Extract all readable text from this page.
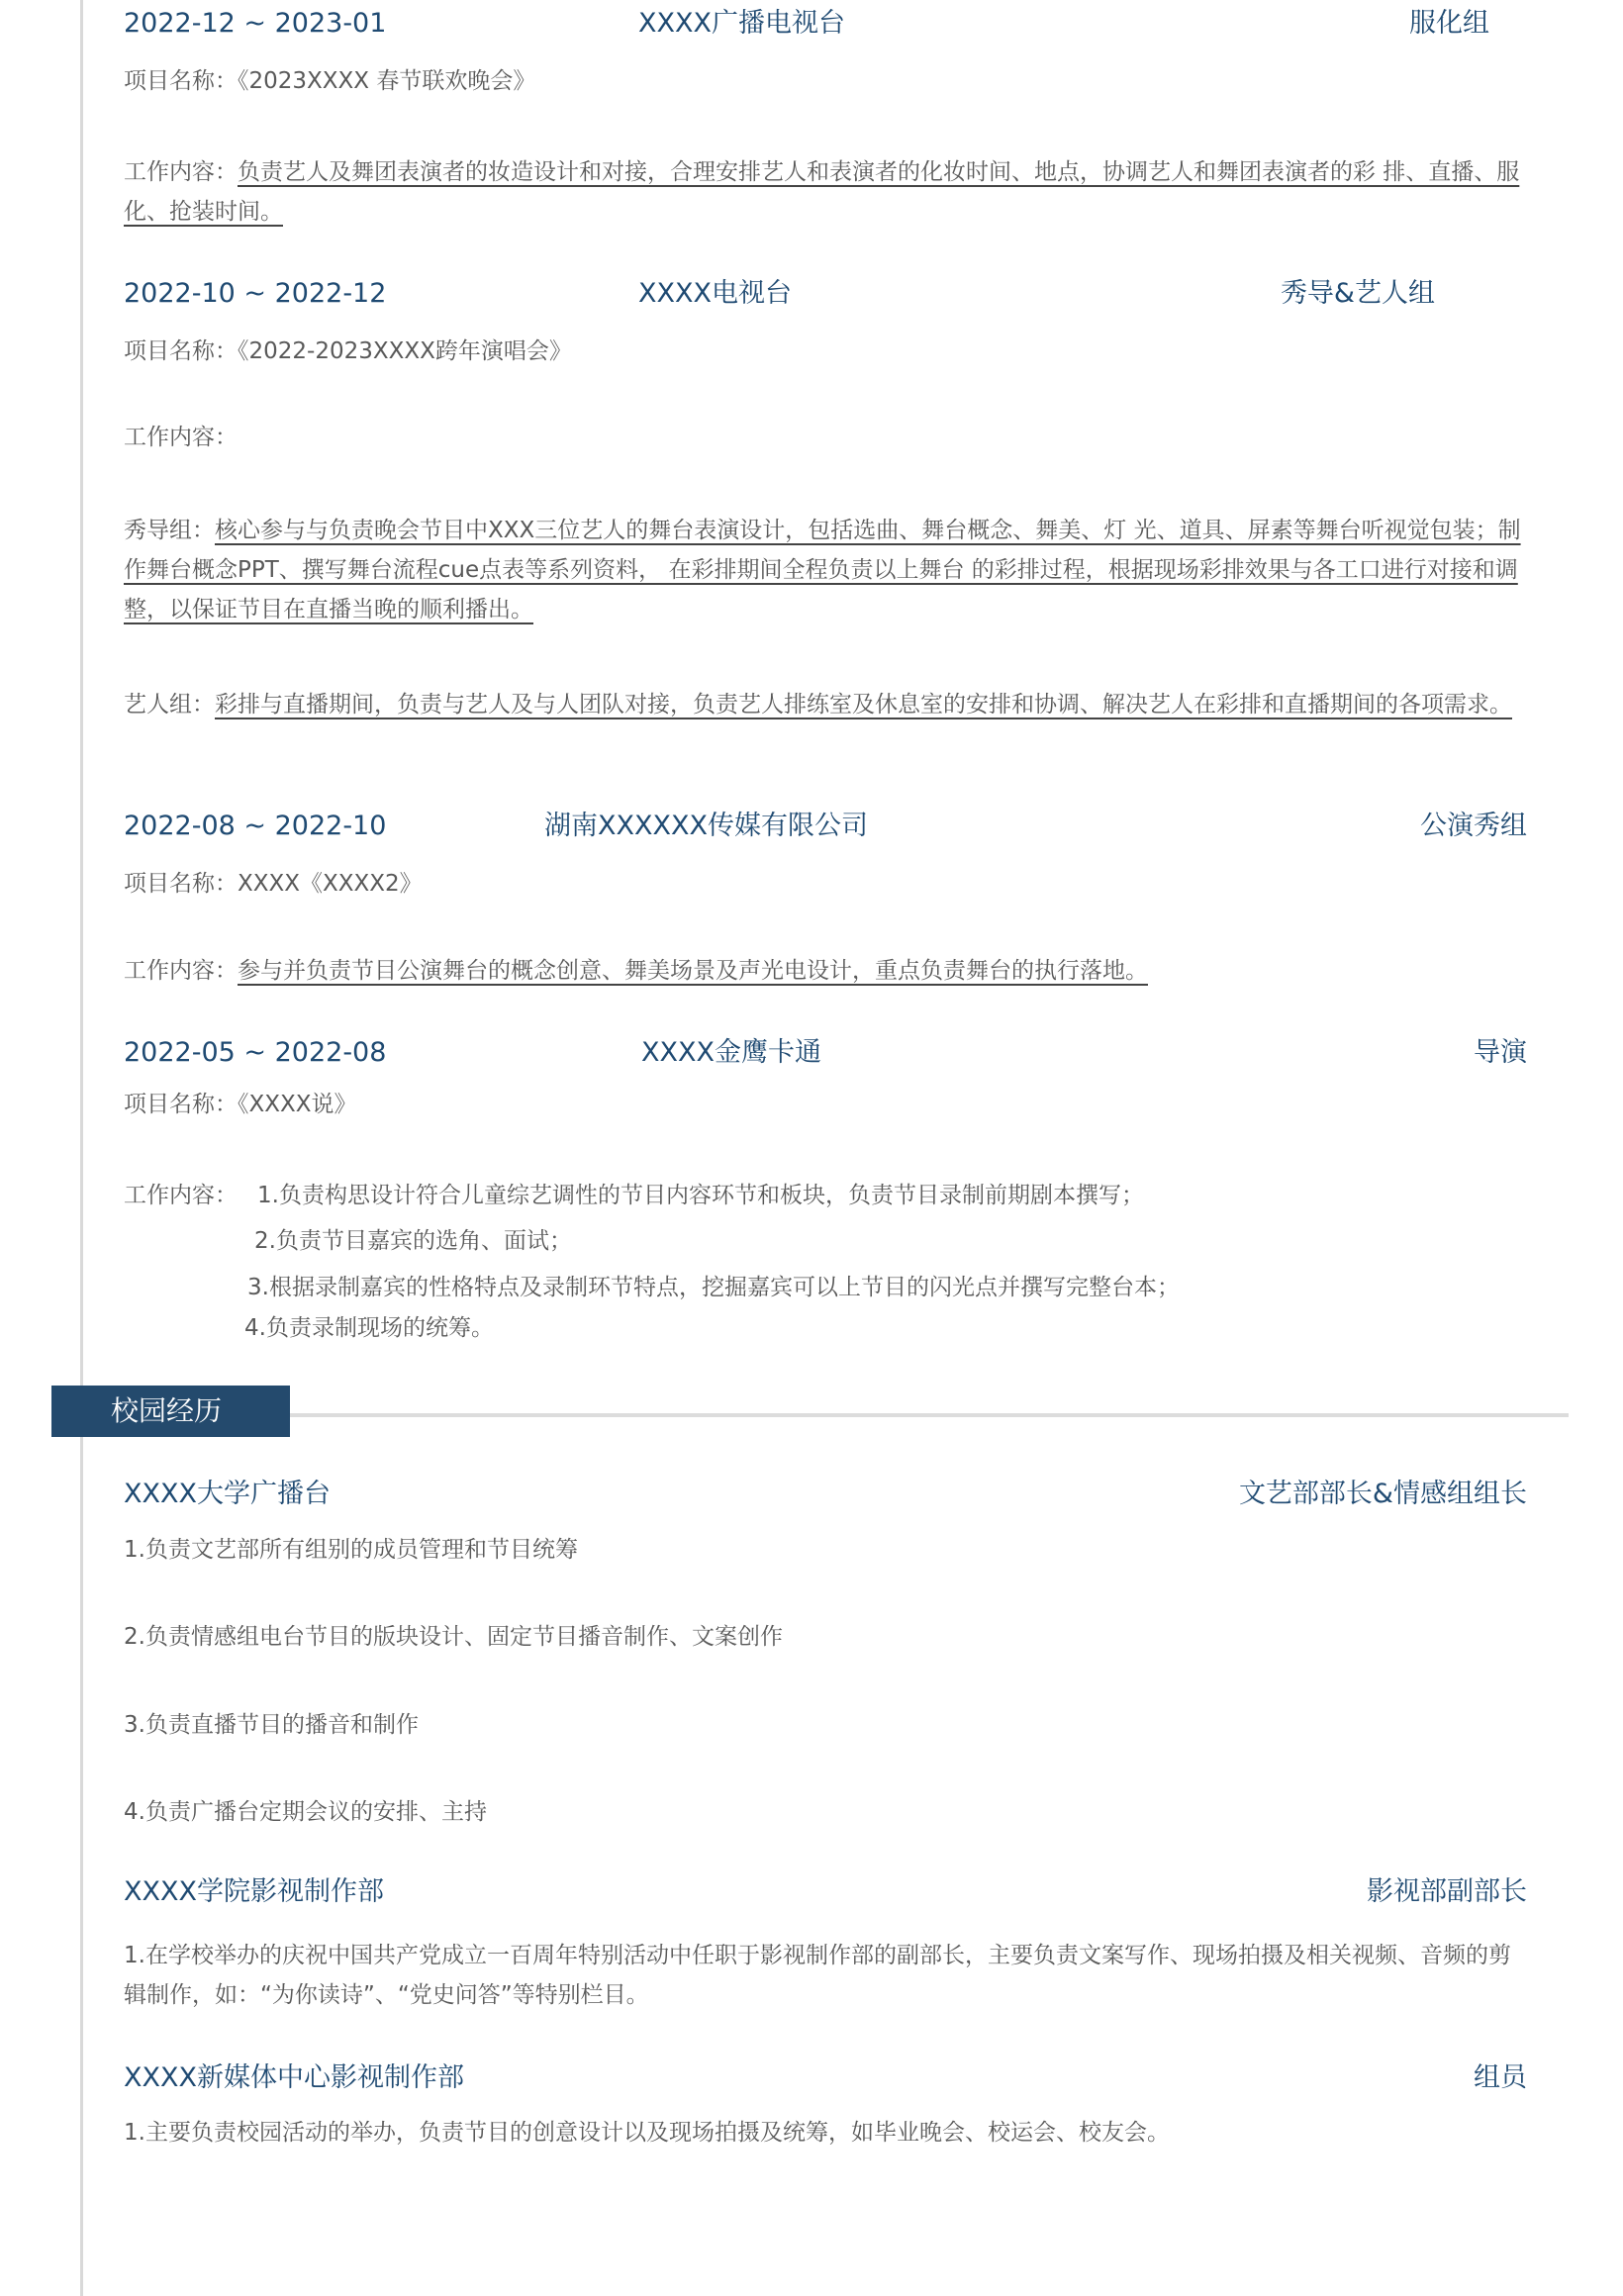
2022-12 ~ 2023-01	XXXX广播电视台	服化组
项目名称：《2023XXXX 春节联欢晚会》
工作内容：负责艺人及舞团表演者的妆造设计和对接，合理安排艺人和表演者的化妆时间、地点，协调艺人和舞团表演者的彩 排、直播、服化、抢装时间。
2022-10 ~ 2022-12	XXXX电视台	秀导&艺人组
项目名称：《2022-2023XXXX跨年演唱会》
工作内容：
秀导组：核心参与与负责晚会节目中XXX三位艺人的舞台表演设计，包括选曲、舞台概念、舞美、灯 光、道具、屏素等舞台听视觉包装；制作舞台概念PPT、撰写舞台流程cue点表等系列资料， 在彩排期间全程负责以上舞台 的彩排过程，根据现场彩排效果与各工口进行对接和调整，以保证节目在直播当晚的顺利播出。
艺人组：彩排与直播期间，负责与艺人及与人团队对接，负责艺人排练室及休息室的安排和协调、解决艺人在彩排和直播期间的各项需求。
2022-08 ~ 2022-10	湖南XXXXXX传媒有限公司	公演秀组
项目名称：XXXX《XXXX2》
工作内容：参与并负责节目公演舞台的概念创意、舞美场景及声光电设计，重点负责舞台的执行落地。
2022-05 ~ 2022-08	XXXX金鹰卡通	导演
项目名称：《XXXX说》
工作内容： 1.负责构思设计符合儿童综艺调性的节目内容环节和板块，负责节目录制前期剧本撰写；
2.负责节目嘉宾的选角、面试；
3.根据录制嘉宾的性格特点及录制环节特点，挖掘嘉宾可以上节目的闪光点并撰写完整台本；
4.负责录制现场的统筹。
校园经历
XXXX大学广播台	文艺部部长&情感组组长
1.负责文艺部所有组别的成员管理和节目统筹
2.负责情感组电台节目的版块设计、固定节目播音制作、文案创作
3.负责直播节目的播音和制作
4.负责广播台定期会议的安排、主持
XXXX学院影视制作部	影视部副部长
1.在学校举办的庆祝中国共产党成立一百周年特别活动中任职于影视制作部的副部长，主要负责文案写作、现场拍摄及相关视频、音频的剪辑制作，如：“为你读诗”、“党史问答”等特别栏目。
XXXX新媒体中心影视制作部	组员
1.主要负责校园活动的举办，负责节目的创意设计以及现场拍摄及统筹，如毕业晚会、校运会、校友会。
